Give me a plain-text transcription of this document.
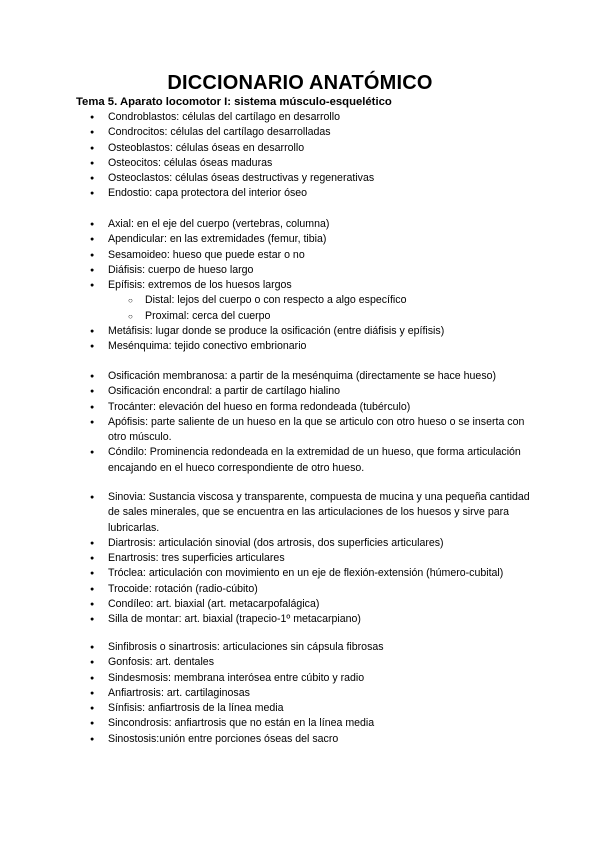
DICCIONARIO ANATÓMICO
Tema 5. Aparato locomotor I: sistema músculo-esquelético
● Condroblastos: células del cartílago en desarrollo
● Condrocitos: células del cartílago desarrolladas
● Osteoblastos: células óseas en desarrollo
● Osteocitos: células óseas maduras
● Osteoclastos: células óseas destructivas y regenerativas
● Endostio: capa protectora del interior óseo
● Axial: en el eje del cuerpo (vertebras, columna)
● Apendicular: en las extremidades (femur, tibia)
● Sesamoideo: hueso que puede estar o no
● Diáfisis: cuerpo de hueso largo
● Epífisis: extremos de los huesos largos
○ Distal: lejos del cuerpo o con respecto a algo específico
○ Proximal: cerca del cuerpo
● Metáfisis: lugar donde se produce la osificación (entre diáfisis y epífisis)
● Mesénquima: tejido conectivo embrionario
● Osificación membranosa: a partir de la mesénquima (directamente se hace hueso)
● Osificación encondral: a partir de cartílago hialino
● Trocánter: elevación del hueso en forma redondeada (tubérculo)
● Apófisis: parte saliente de un hueso en la que se articulo con otro hueso o se inserta con otro músculo.
● Cóndilo: Prominencia redondeada en la extremidad de un hueso, que forma articulación encajando en el hueco correspondiente de otro hueso.
● Sinovia: Sustancia viscosa y transparente, compuesta de mucina y una pequeña cantidad de sales minerales, que se encuentra en las articulaciones de los huesos y sirve para lubricarlas.
● Diartrosis: articulación sinovial (dos artrosis, dos superficies articulares)
● Enartrosis: tres superficies articulares
● Tróclea: articulación con movimiento en un eje de flexión-extensión (húmero-cubital)
● Trocoide: rotación (radio-cúbito)
● Condíleo: art. biaxial (art. metacarpofalágica)
● Silla de montar: art. biaxial (trapecio-1º metacarpiano)
● Sinfibrosis o sinartrosis: articulaciones sin cápsula fibrosas
● Gonfosis: art. dentales
● Sindesmosis: membrana interósea entre cúbito y radio
● Anfiartrosis: art. cartilaginosas
● Sínfisis: anfiartrosis de la línea media
● Sincondrosis: anfiartrosis que no están en la línea media
● Sinostosis:unión entre porciones óseas del sacro
